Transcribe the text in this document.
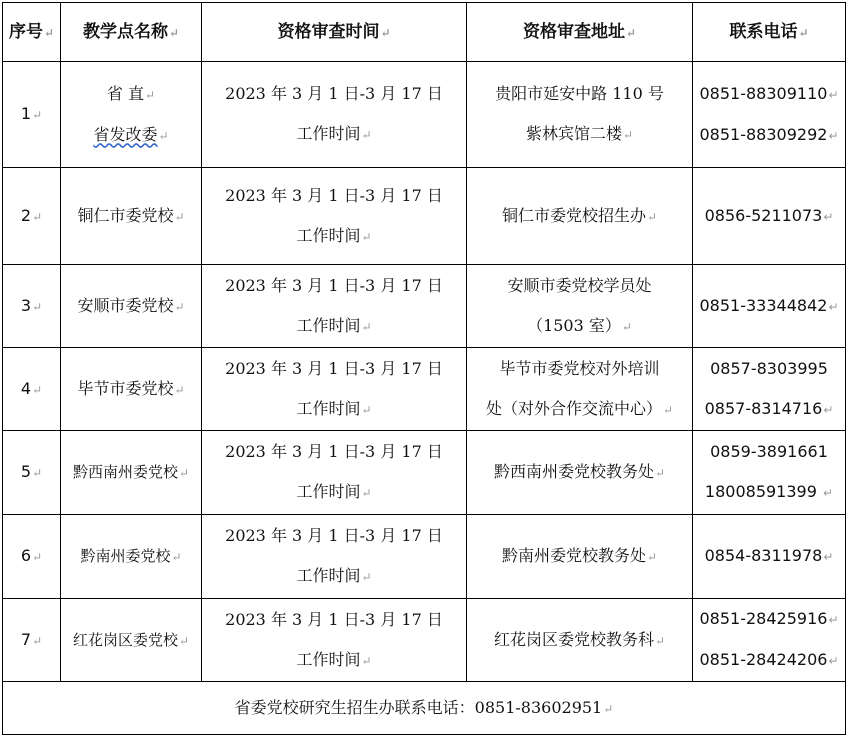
序号↵	教学点名称↵	资格审查时间↵	资格审查地址↵	联系电话↵
1↵	省 直↵
省发改委↵	2023 年 3 月 1 日-3 月 17 日
工作时间↵	贵阳市延安中路 110 号
紫林宾馆二楼↵	0851-88309110↵
0851-88309292↵

2↵	铜仁市委党校↵	2023 年 3 月 1 日-3 月 17 日
工作时间↵	铜仁市委党校招生办↵	0856-5211073↵

3↵	安顺市委党校↵	2023 年 3 月 1 日-3 月 17 日
工作时间↵	安顺市委党校学员处
（1503 室）↵	0851-33344842↵

4↵	毕节市委党校↵	2023 年 3 月 1 日-3 月 17 日
工作时间↵	毕节市委党校对外培训
处（对外合作交流中心）↵	0857-8303995
0857-8314716↵

5↵	黔西南州委党校↵	2023 年 3 月 1 日-3 月 17 日
工作时间↵	黔西南州委党校教务处↵	0859-3891661
18008591399 ↵

6↵	黔南州委党校↵	2023 年 3 月 1 日-3 月 17 日
工作时间↵	黔南州委党校教务处↵	0854-8311978↵

7↵	红花岗区委党校↵	2023 年 3 月 1 日-3 月 17 日
工作时间↵	红花岗区委党校教务科↵	0851-28425916↵
0851-28424206↵

省委党校研究生招生办联系电话：0851-83602951↵				
